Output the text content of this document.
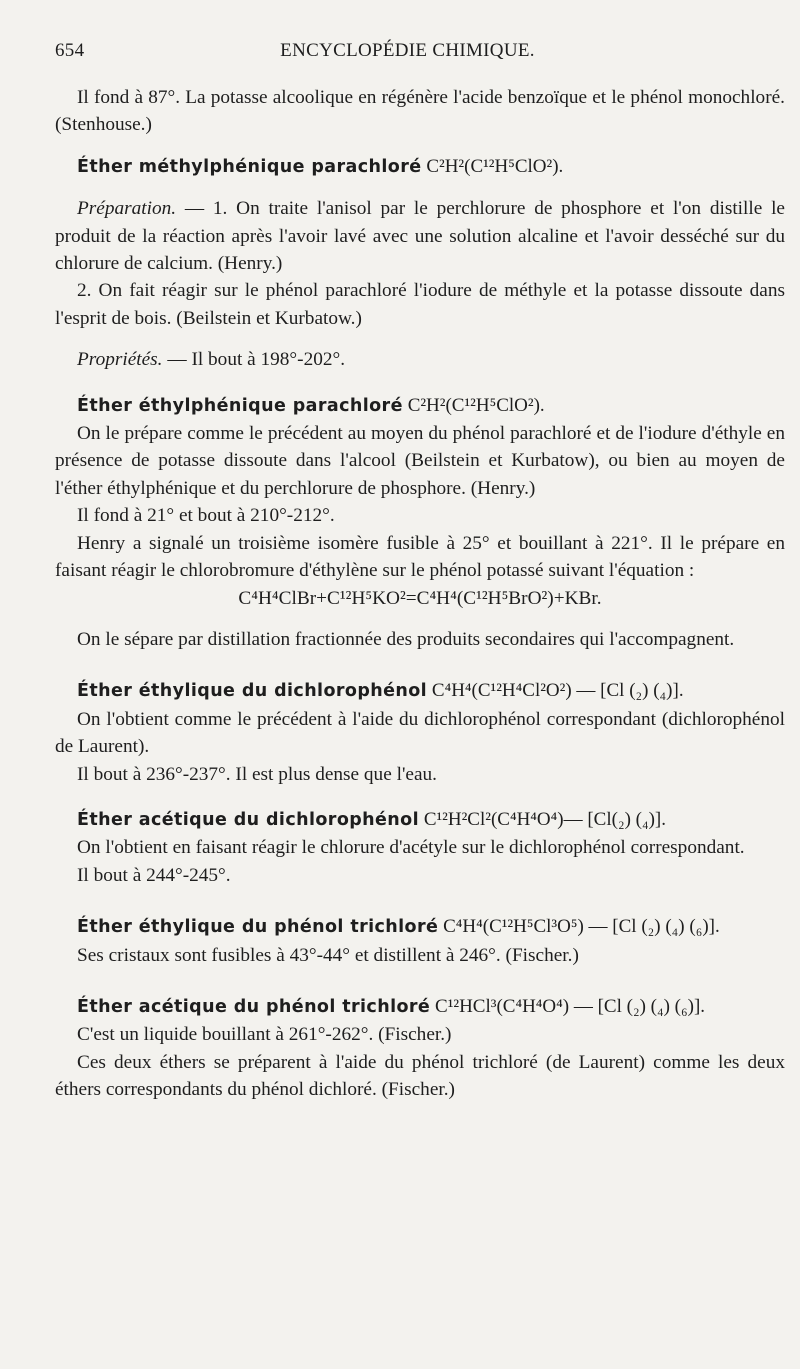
654	ENCYCLOPÉDIE CHIMIQUE.

Il fond à 87°. La potasse alcoolique en régénère l'acide benzoïque et le phénol monochloré. (Stenhouse.)

Éther méthylphénique parachloré C²H²(C¹²H⁵ClO²).

Préparation. — 1. On traite l'anisol par le perchlorure de phosphore et l'on distille le produit de la réaction après l'avoir lavé avec une solution alcaline et l'avoir desséché sur du chlorure de calcium. (Henry.)

2. On fait réagir sur le phénol parachloré l'iodure de méthyle et la potasse dissoute dans l'esprit de bois. (Beilstein et Kurbatow.)

Propriétés. — Il bout à 198°-202°.

Éther éthylphénique parachloré C²H²(C¹²H⁵ClO²).

On le prépare comme le précédent au moyen du phénol parachloré et de l'iodure d'éthyle en présence de potasse dissoute dans l'alcool (Beilstein et Kurbatow), ou bien au moyen de l'éther éthylphénique et du perchlorure de phosphore. (Henry.)

Il fond à 21° et bout à 210°-212°.

Henry a signalé un troisième isomère fusible à 25° et bouillant à 221°. Il le prépare en faisant réagir le chlorobromure d'éthylène sur le phénol potassé suivant l'équation :

C⁴H⁴ClBr+C¹²H⁵KO²=C⁴H⁴(C¹²H⁵BrO²)+KBr.

On le sépare par distillation fractionnée des produits secondaires qui l'accompagnent.

Éther éthylique du dichlorophénol C⁴H⁴(C¹²H⁴Cl²O²) — [Cl (₂) (₄)].

On l'obtient comme le précédent à l'aide du dichlorophénol correspondant (dichlorophénol de Laurent).

Il bout à 236°-237°. Il est plus dense que l'eau.

Éther acétique du dichlorophénol C¹²H²Cl²(C⁴H⁴O⁴)— [Cl(₂) (₄)].

On l'obtient en faisant réagir le chlorure d'acétyle sur le dichlorophénol correspondant.

Il bout à 244°-245°.

Éther éthylique du phénol trichloré C⁴H⁴(C¹²H⁵Cl³O⁵) — [Cl (₂) (₄) (₆)].

Ses cristaux sont fusibles à 43°-44° et distillent à 246°. (Fischer.)

Éther acétique du phénol trichloré C¹²HCl³(C⁴H⁴O⁴) — [Cl (₂) (₄) (₆)].

C'est un liquide bouillant à 261°-262°. (Fischer.)

Ces deux éthers se préparent à l'aide du phénol trichloré (de Laurent) comme les deux éthers correspondants du phénol dichloré. (Fischer.)
